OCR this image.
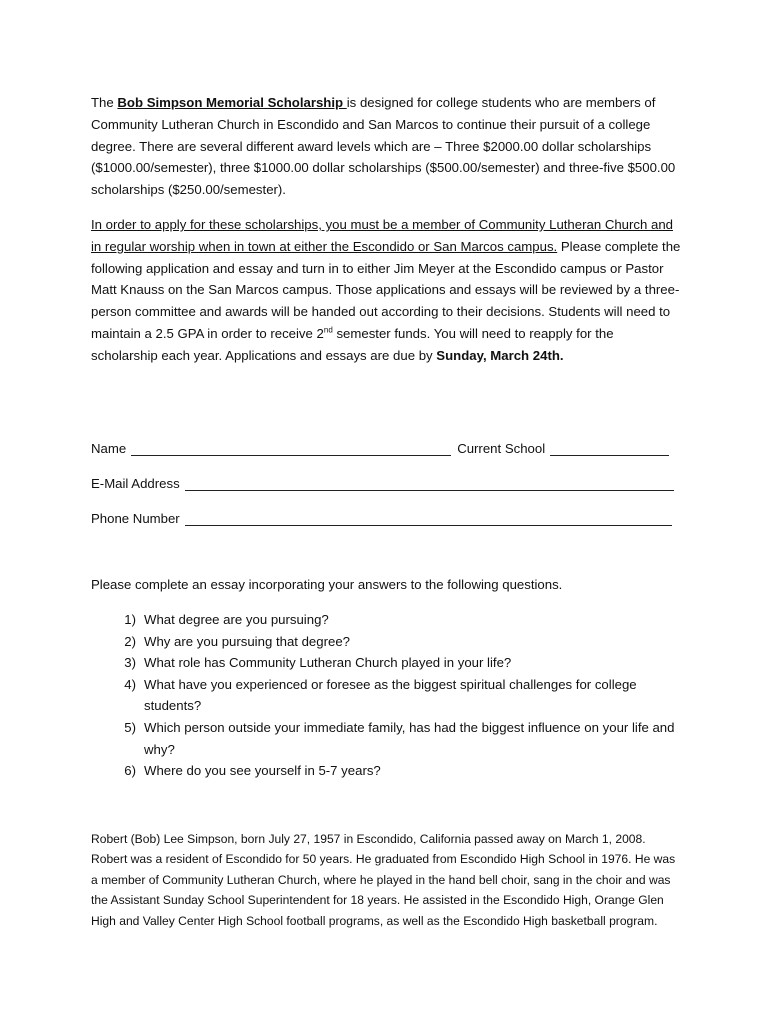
The Bob Simpson Memorial Scholarship is designed for college students who are members of Community Lutheran Church in Escondido and San Marcos to continue their pursuit of a college degree. There are several different award levels which are – Three $2000.00 dollar scholarships ($1000.00/semester), three $1000.00 dollar scholarships ($500.00/semester) and three-five $500.00 scholarships ($250.00/semester).

In order to apply for these scholarships, you must be a member of Community Lutheran Church and in regular worship when in town at either the Escondido or San Marcos campus. Please complete the following application and essay and turn in to either Jim Meyer at the Escondido campus or Pastor Matt Knauss on the San Marcos campus. Those applications and essays will be reviewed by a three-person committee and awards will be handed out according to their decisions. Students will need to maintain a 2.5 GPA in order to receive 2nd semester funds. You will need to reapply for the scholarship each year. Applications and essays are due by Sunday, March 24th.

Name	Current School
E-Mail Address
Phone Number

Please complete an essay incorporating your answers to the following questions.

1) What degree are you pursuing?
2) Why are you pursuing that degree?
3) What role has Community Lutheran Church played in your life?
4) What have you experienced or foresee as the biggest spiritual challenges for college students?
5) Which person outside your immediate family, has had the biggest influence on your life and why?
6) Where do you see yourself in 5-7 years?

Robert (Bob) Lee Simpson, born July 27, 1957 in Escondido, California passed away on March 1, 2008. Robert was a resident of Escondido for 50 years. He graduated from Escondido High School in 1976. He was a member of Community Lutheran Church, where he played in the hand bell choir, sang in the choir and was the Assistant Sunday School Superintendent for 18 years. He assisted in the Escondido High, Orange Glen High and Valley Center High School football programs, as well as the Escondido High basketball program.
